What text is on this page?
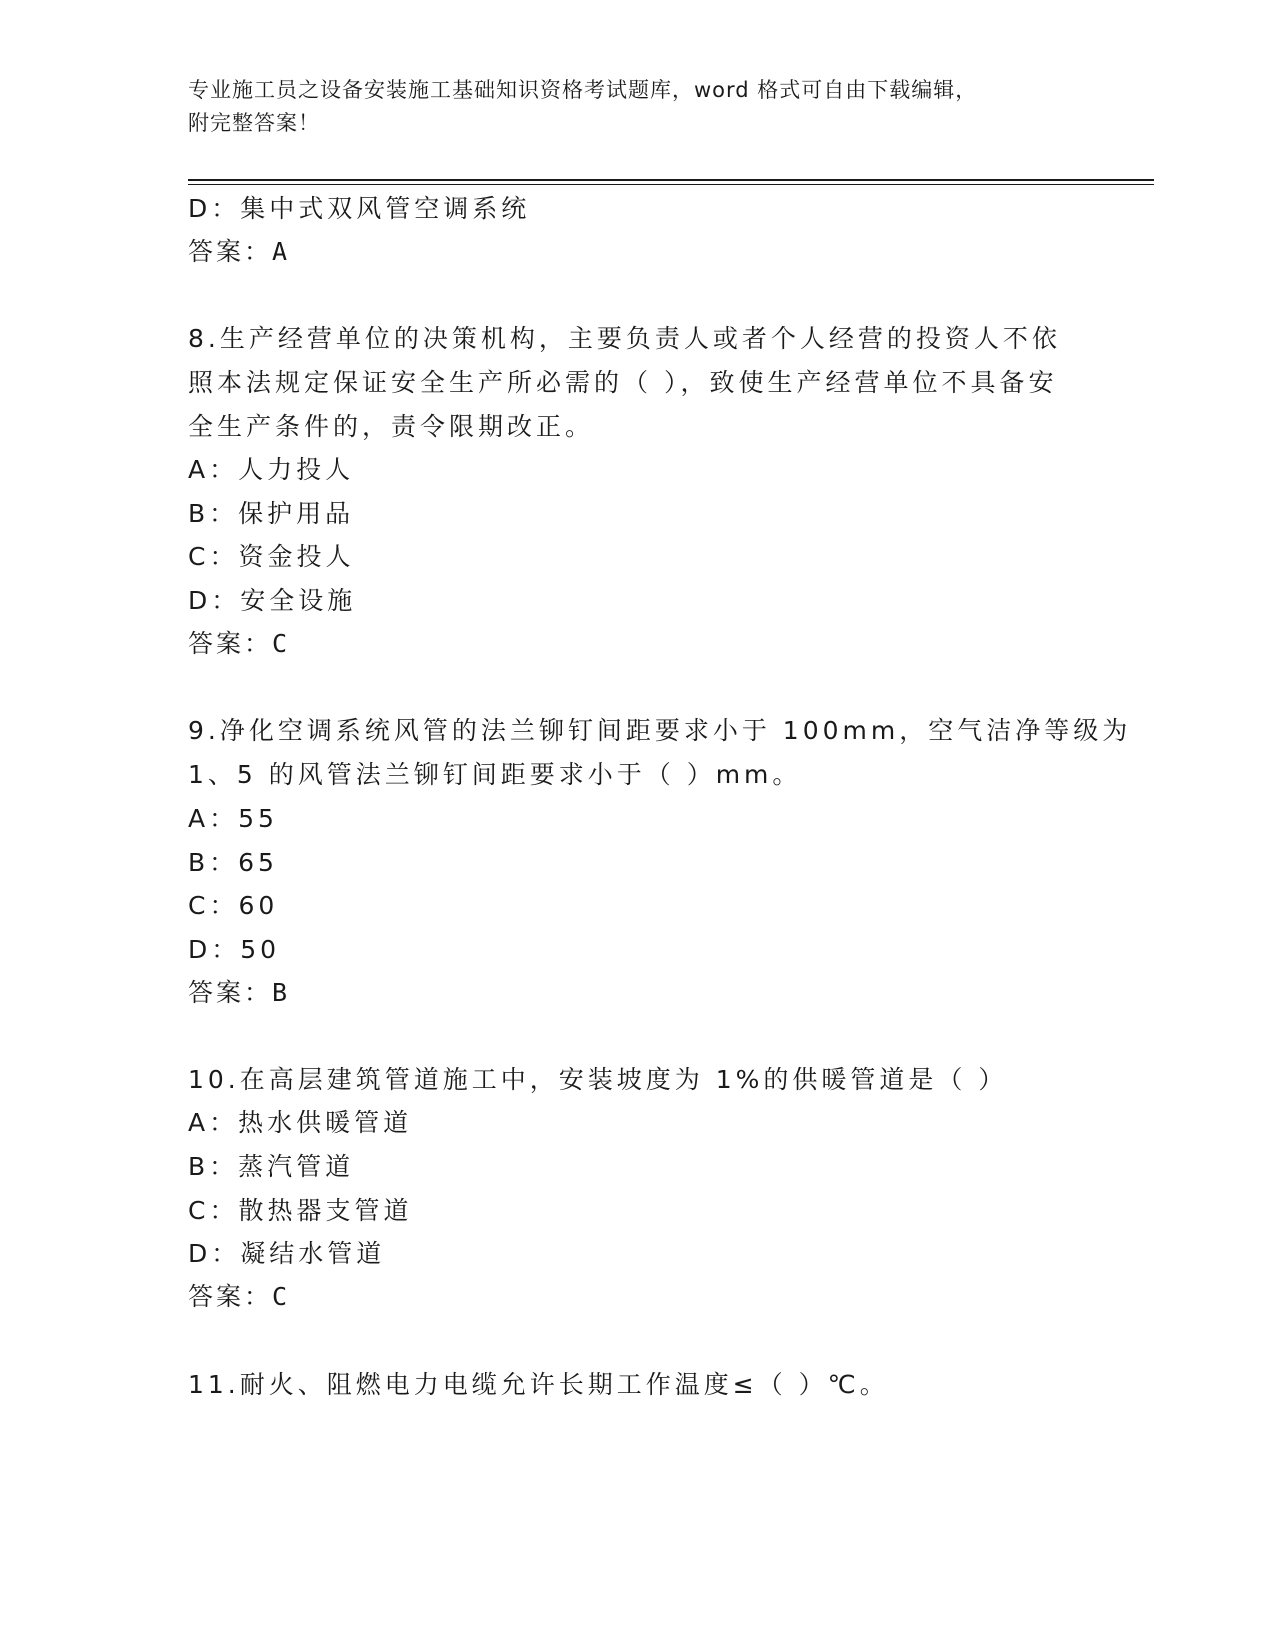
专业施工员之设备安装施工基础知识资格考试题库，word 格式可自由下载编辑，
附完整答案！
D：集中式双风管空调系统
答案：A
8.生产经营单位的决策机构，主要负责人或者个人经营的投资人不依
照本法规定保证安全生产所必需的（ ），致使生产经营单位不具备安
全生产条件的，责令限期改正。
A：人力投人
B：保护用品
C：资金投人
D：安全设施
答案：C
9.净化空调系统风管的法兰铆钉间距要求小于 100mm，空气洁净等级为
1、5 的风管法兰铆钉间距要求小于（ ）mm。
A：55
B：65
C：60
D：50
答案：B
10.在高层建筑管道施工中，安装坡度为 1%的供暖管道是（ ）
A：热水供暖管道
B：蒸汽管道
C：散热器支管道
D：凝结水管道
答案：C
11.耐火、阻燃电力电缆允许长期工作温度≤（ ）℃。
